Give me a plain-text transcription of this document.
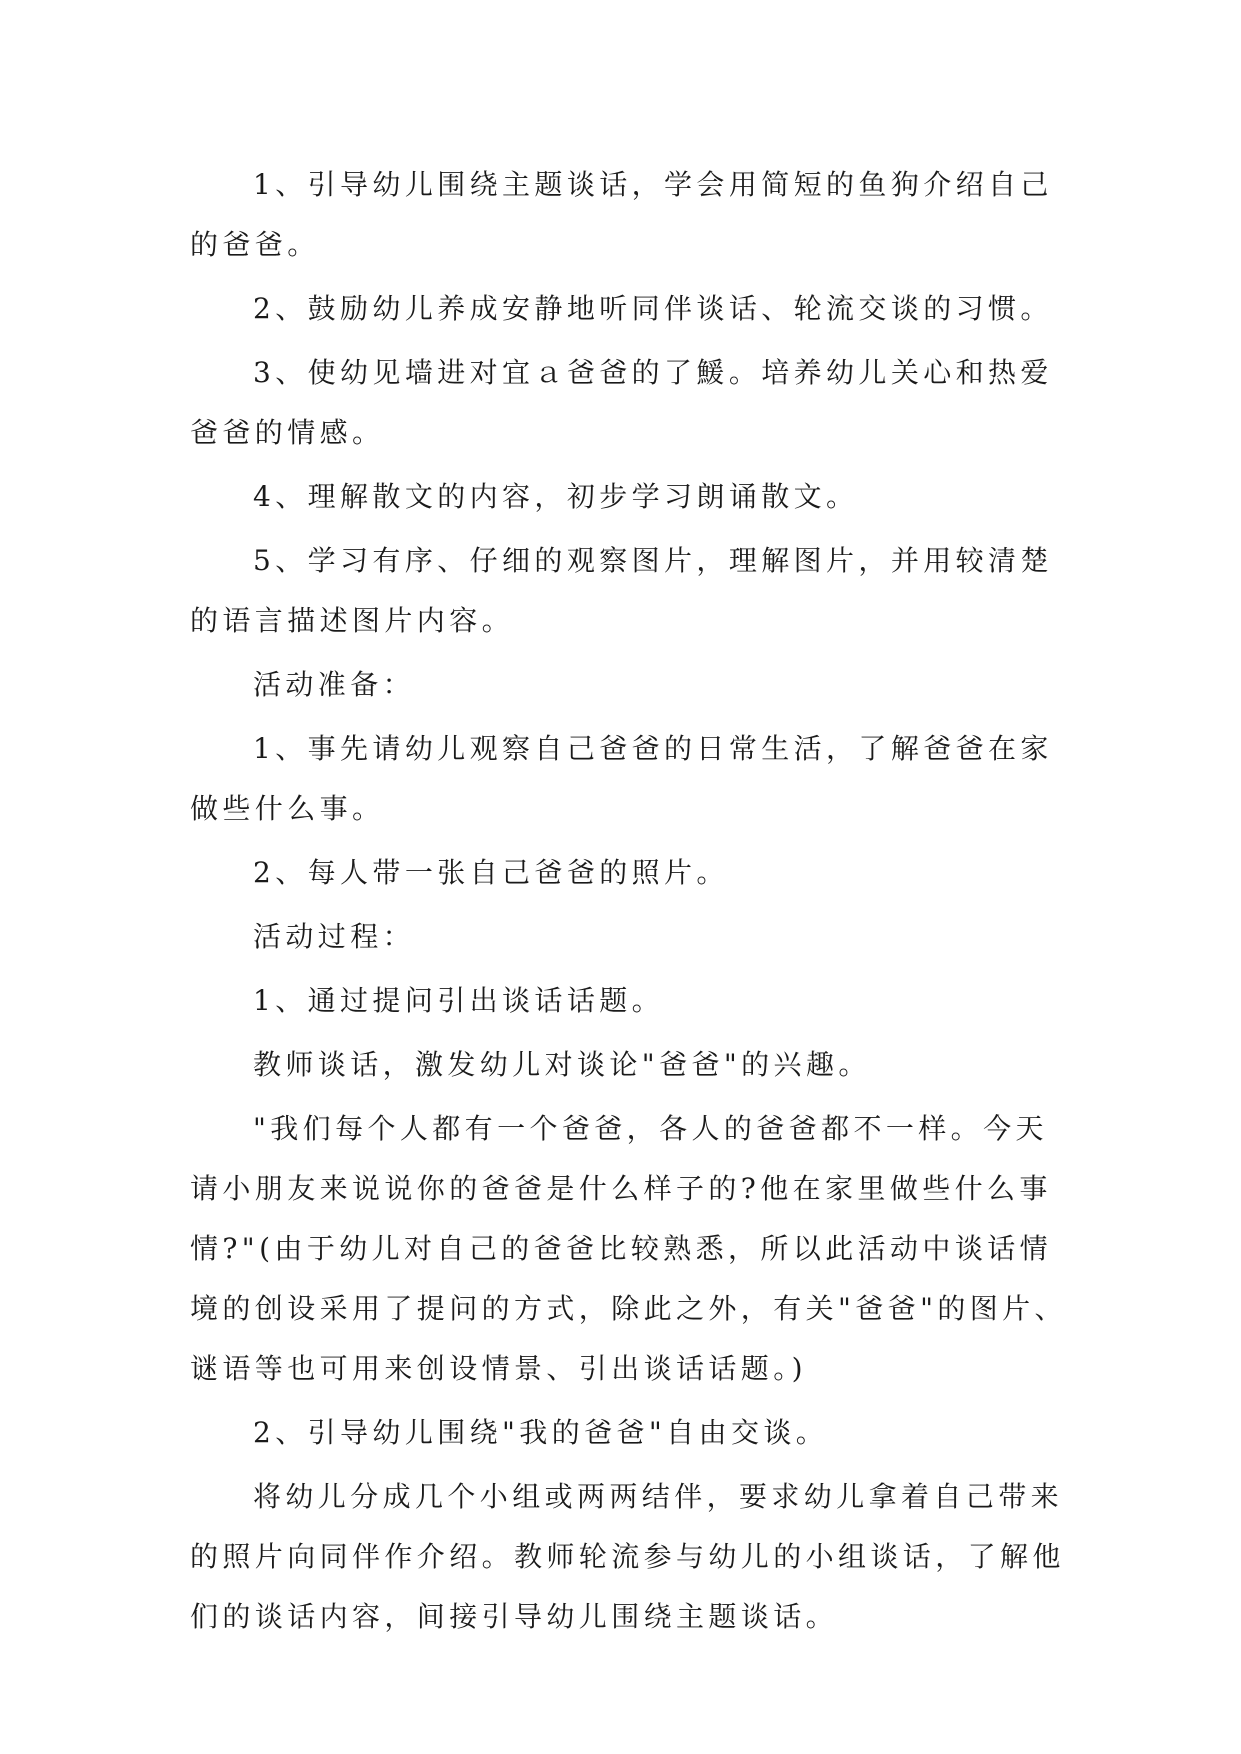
1、引导幼儿围绕主题谈话，学会用简短的鱼狗介绍自己的爸爸。

2、鼓励幼儿养成安静地听同伴谈话、轮流交谈的习惯。

3、使幼见墙进对宜ａ爸爸的了鰀。培养幼儿关心和热爱爸爸的情感。

4、理解散文的内容，初步学习朗诵散文。

5、学习有序、仔细的观察图片，理解图片，并用较清楚的语言描述图片内容。

活动准备：

1、事先请幼儿观察自己爸爸的日常生活，了解爸爸在家做些什么事。

2、每人带一张自己爸爸的照片。

活动过程：

1、通过提问引出谈话话题。

教师谈话，激发幼儿对谈论"爸爸"的兴趣。

"我们每个人都有一个爸爸，各人的爸爸都不一样。今天请小朋友来说说你的爸爸是什么样子的?他在家里做些什么事情?"(由于幼儿对自己的爸爸比较熟悉，所以此活动中谈话情境的创设采用了提问的方式，除此之外，有关"爸爸"的图片、谜语等也可用来创设情景、引出谈话话题。)

2、引导幼儿围绕"我的爸爸"自由交谈。

将幼儿分成几个小组或两两结伴，要求幼儿拿着自己带来的照片向同伴作介绍。教师轮流参与幼儿的小组谈话，了解他们的谈话内容，间接引导幼儿围绕主题谈话。
